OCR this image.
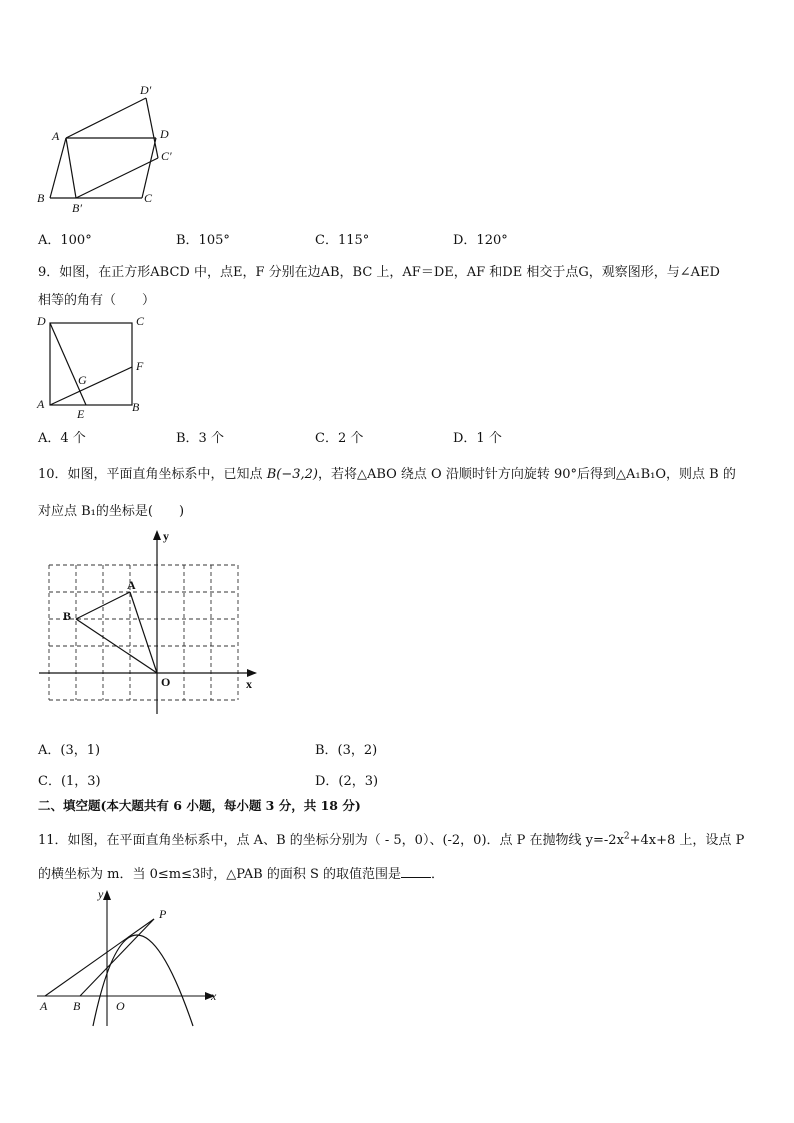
D′
A	D
C′
B
B′
C
A．100°	B．105°	C．115°	D．120°
9．如图，在正方形ABCD 中，点E，F 分别在边AB，BC 上，AF＝DE，AF 和DE 相交于点G，观察图形，与∠AED
相等的角有（　　）
D	C
F
G
A
E	B
A．4 个	B．3 个	C．2 个	D．1 个
10．如图，平面直角坐标系中，已知点 B(−3,2)，若将△ABO 绕点 O 沿顺时针方向旋转 90°后得到△A₁B₁O，则点 B 的
对应点 B₁的坐标是(　　)
y
A
B
O	x
A．(3，1)	B．(3，2)
C．(1，3)	D．(2，3)
二、填空题(本大题共有 6 小题，每小题 3 分，共 18 分)
11．如图，在平面直角坐标系中，点 A、B 的坐标分别为（ - 5，0）、(-2，0)．点 P 在抛物线 $y=-2x^2+4x+8$ 上，设点 P
的横坐标为 m．当 0≤m≤3时，△PAB 的面积 S 的取值范围是 ．
y
P
A B	O
x
